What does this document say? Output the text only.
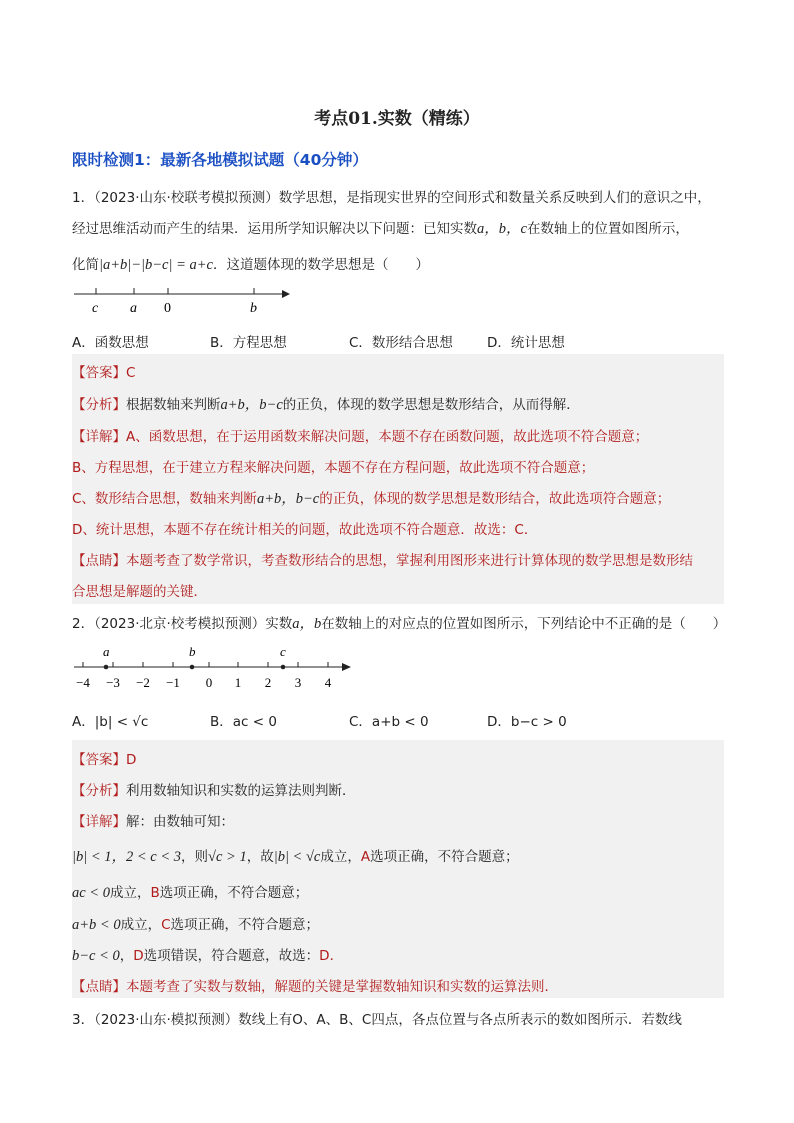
考点01.实数（精练）
限时检测1：最新各地模拟试题（40分钟）
1．（2023·山东·校联考模拟预测）数学思想，是指现实世界的空间形式和数量关系反映到人们的意识之中，
经过思维活动而产生的结果．运用所学知识解决以下问题：已知实数a，b，c在数轴上的位置如图所示，
化简|a+b|−|b−c| = a+c．这道题体现的数学思想是（　　）
c a 0	b
A．函数思想	B．方程思想	C．数形结合思想	D．统计思想
【答案】C
【分析】根据数轴来判断a+b，b−c的正负，体现的数学思想是数形结合，从而得解．
【详解】A、函数思想，在于运用函数来解决问题，本题不存在函数问题，故此选项不符合题意；
B、方程思想，在于建立方程来解决问题，本题不存在方程问题，故此选项不符合题意；
C、数形结合思想，数轴来判断a+b，b−c的正负，体现的数学思想是数形结合，故此选项符合题意；
D、统计思想，本题不存在统计相关的问题，故此选项不符合题意．故选：C．
【点睛】本题考查了数学常识，考查数形结合的思想，掌握利用图形来进行计算体现的数学思想是数形结
合思想是解题的关键．
2．（2023·北京·校考模拟预测）实数a，b在数轴上的对应点的位置如图所示，下列结论中不正确的是（　　）
a	b	c
−4 −3 −2 −1 0 1 2 3 4
A．|b| < √c	B．ac < 0	C．a+b < 0	D．b−c > 0
【答案】D
【分析】利用数轴知识和实数的运算法则判断．
【详解】解：由数轴可知：
|b| < 1，2 < c < 3，则√c > 1，故|b| < √c成立，A选项正确，不符合题意；
ac < 0成立，B选项正确，不符合题意；
a+b < 0成立，C选项正确，不符合题意；
b−c < 0，D选项错误，符合题意，故选：D．
【点睛】本题考查了实数与数轴，解题的关键是掌握数轴知识和实数的运算法则．
3．（2023·山东·模拟预测）数线上有O、A、B、C四点，各点位置与各点所表示的数如图所示．若数线
